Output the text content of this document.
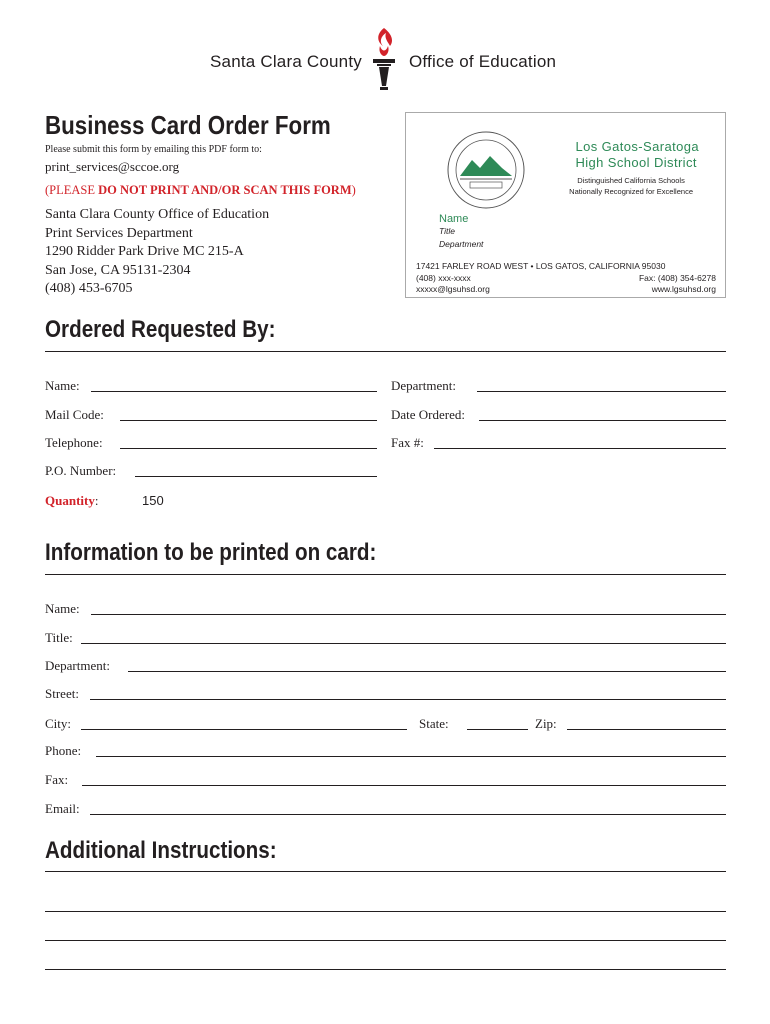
Santa Clara County	Office of Education
Business Card Order Form
Please submit this form by emailing this PDF form to:
print_services@sccoe.org
(PLEASE DO NOT PRINT AND/OR SCAN THIS FORM)
Santa Clara County Office of Education
Print Services Department
1290 Ridder Park Drive MC 215-A
San Jose, CA 95131-2304
(408) 453-6705
Los Gatos-Saratoga
High School District
Distinguished California Schools
Nationally Recognized for Excellence
Name
Title
Department
17421 FARLEY ROAD WEST • LOS GATOS, CALIFORNIA 95030
(408) xxx-xxxx	Fax: (408) 354-6278
xxxxx@lgsuhsd.org	www.lgsuhsd.org
Ordered Requested By:
Name:	Department:
Mail Code:	Date Ordered:
Telephone:	Fax #:
P.O. Number:
Quantity:	150
Information to be printed on card:
Name:
Title:
Department:
Street:
City:	State:	Zip:
Phone:
Fax:
Email:
Additional Instructions:
